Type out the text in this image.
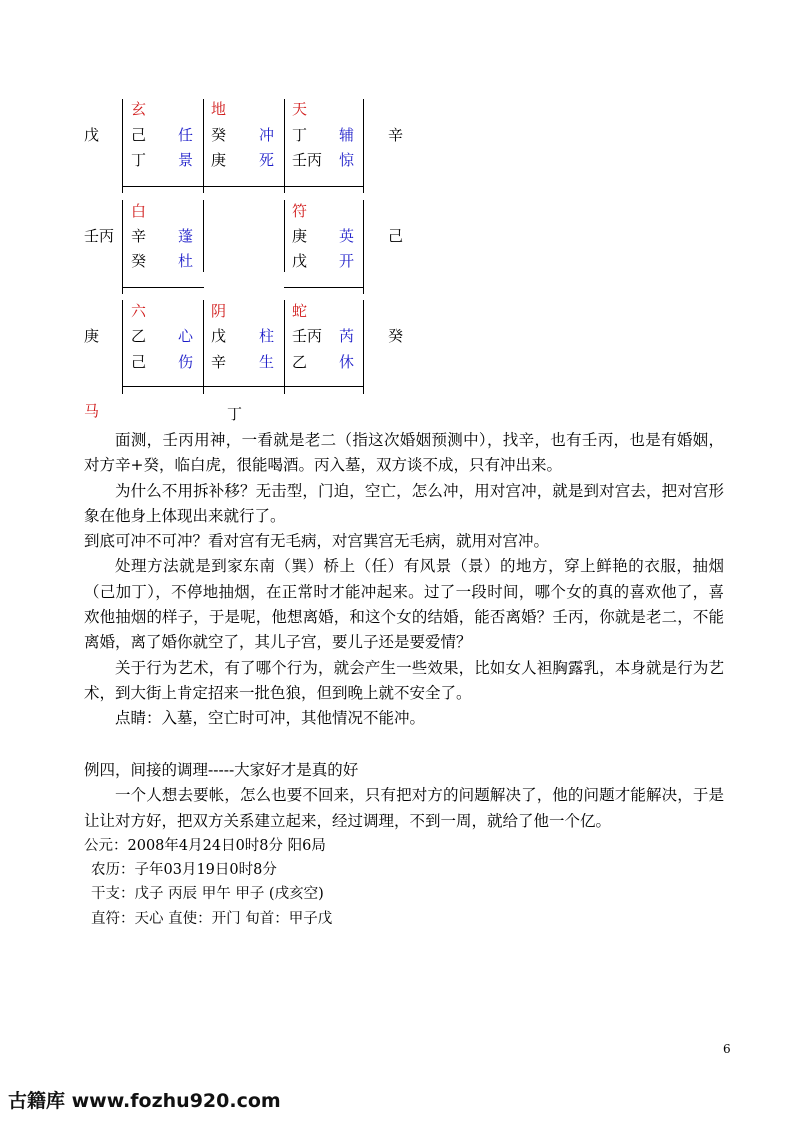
戊
壬丙
庚
辛
己
癸
玄
己 任
丁 景
地
癸 冲
庚 死
天
丁 辅
壬丙 惊
白
辛 蓬
癸 杜
符
庚 英
戊 开
六
乙 心
己 伤
阴
戊 柱
辛 生
蛇
壬丙 芮
乙 休
马	丁

面测，壬丙用神，一看就是老二（指这次婚姻预测中），找辛，也有壬丙，也是有婚姻，对方辛+癸，临白虎，很能喝酒。丙入墓，双方谈不成，只有冲出来。

为什么不用拆补移？无击型，门迫，空亡，怎么冲，用对宫冲，就是到对宫去，把对宫形象在他身上体现出来就行了。

到底可冲不可冲？看对宫有无毛病，对宫巽宫无毛病，就用对宫冲。

处理方法就是到家东南（巽）桥上（任）有风景（景）的地方，穿上鲜艳的衣服，抽烟（己加丁），不停地抽烟，在正常时才能冲起来。过了一段时间，哪个女的真的喜欢他了，喜欢他抽烟的样子，于是呢，他想离婚，和这个女的结婚，能否离婚？壬丙，你就是老二，不能离婚，离了婚你就空了，其儿子宫，要儿子还是要爱情？

关于行为艺术，有了哪个行为，就会产生一些效果，比如女人袒胸露乳，本身就是行为艺术，到大街上肯定招来一批色狼，但到晚上就不安全了。

点睛：入墓，空亡时可冲，其他情况不能冲。

例四，间接的调理-----大家好才是真的好

一个人想去要帐，怎么也要不回来，只有把对方的问题解决了，他的问题才能解决，于是让让对方好，把双方关系建立起来，经过调理，不到一周，就给了他一个亿。

公元：2008年4月24日0时8分 阳6局
农历：子年03月19日0时8分
干支：戊子 丙辰 甲午 甲子 (戌亥空)
直符：天心 直使：开门 旬首：甲子戊
6
古籍库 www.fozhu920.com
